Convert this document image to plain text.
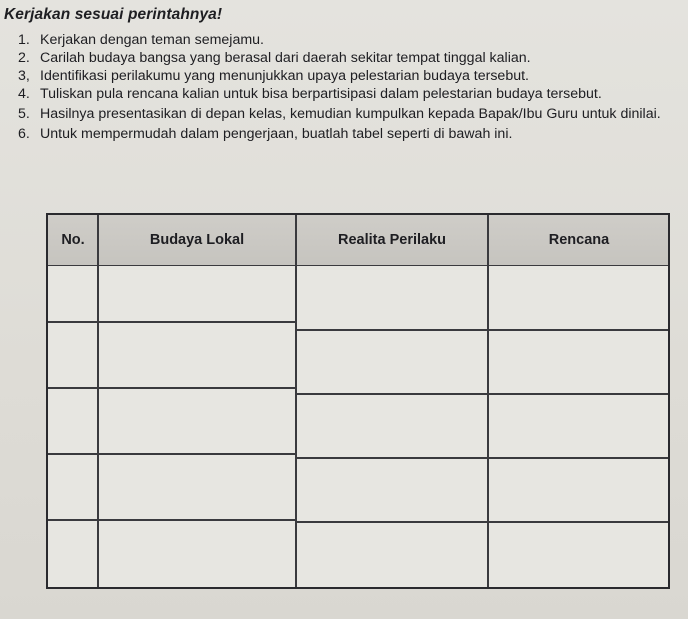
Kerjakan sesuai perintahnya!
1. Kerjakan dengan teman semejamu.
2. Carilah budaya bangsa yang berasal dari daerah sekitar tempat tinggal kalian.
3, Identifikasi perilakumu yang menunjukkan upaya pelestarian budaya tersebut.
4. Tuliskan pula rencana kalian untuk bisa berpartisipasi dalam pelestarian budaya tersebut.
5. Hasilnya presentasikan di depan kelas, kemudian kumpulkan kepada Bapak/Ibu Guru untuk dinilai.
6. Untuk mempermudah dalam pengerjaan, buatlah tabel seperti di bawah ini.
No.	Budaya Lokal	Realita Perilaku	Rencana
